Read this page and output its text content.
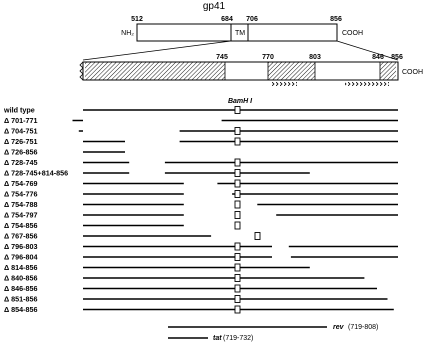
gp41
NH₂	COOH
TM
512	684 706	856
COOH
745	770	803	846 856
BamH I
wild type
Δ 701-771
Δ 704-751
Δ 726-751
Δ 726-856
Δ 728-745
Δ 728-745+814-856
Δ 754-769
Δ 754-776
Δ 754-788
Δ 754-797
Δ 754-856
Δ 767-856
Δ 796-803
Δ 796-804
Δ 814-856
Δ 840-856
Δ 846-856
Δ 851-856
Δ 854-856
rev (719-808)
tat (719-732)
